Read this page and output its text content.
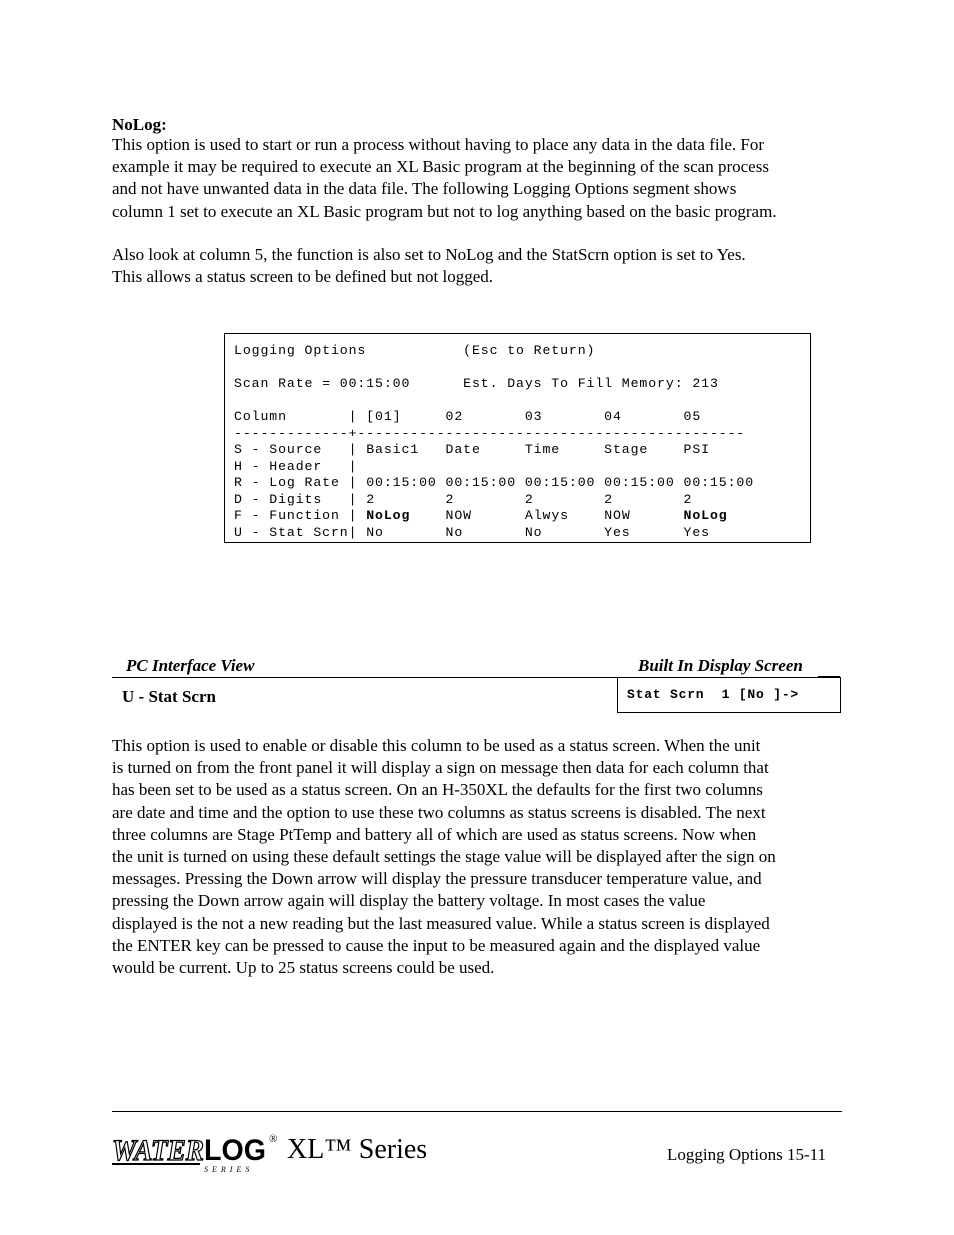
NoLog:
This option is used to start or run a process without having to place any data in the data file. For
example it may be required to execute an XL Basic program at the beginning of the scan process
and not have unwanted data in the data file. The following Logging Options segment shows
column 1 set to execute an XL Basic program but not to log anything based on the basic program.
Also look at column 5, the function is also set to NoLog and the StatScrn option is set to Yes.
This allows a status screen to be defined but not logged.
Logging Options           (Esc to Return)

Scan Rate = 00:15:00      Est. Days To Fill Memory: 213

Column       | [01]     02       03       04       05
-------------+--------------------------------------------
S - Source   | Basic1   Date     Time     Stage    PSI
H - Header   |
R - Log Rate | 00:15:00 00:15:00 00:15:00 00:15:00 00:15:00
D - Digits   | 2        2        2        2        2
F - Function | NoLog    NOW      Alwys    NOW      NoLog
U - Stat Scrn| No       No       No       Yes      Yes
PC Interface View	Built In Display Screen
U - Stat Scrn	Stat Scrn  1 [No ]->
This option is used to enable or disable this column to be used as a status screen. When the unit
is turned on from the front panel it will display a sign on message then data for each column that
has been set to be used as a status screen. On an H-350XL the defaults for the first two columns
are date and time and the option to use these two columns as status screens is disabled. The next
three columns are Stage PtTemp and battery all of which are used as status screens. Now when
the unit is turned on using these default settings the stage value will be displayed after the sign on
messages. Pressing the Down arrow will display the pressure transducer temperature value, and
pressing the Down arrow again will display the battery voltage. In most cases the value
displayed is the not a new reading but the last measured value. While a status screen is displayed
the ENTER key can be pressed to cause the input to be measured again and the displayed value
would be current. Up to 25 status screens could be used.
WATER LOG ®
SERIES
XL™ Series	Logging Options 15-11
